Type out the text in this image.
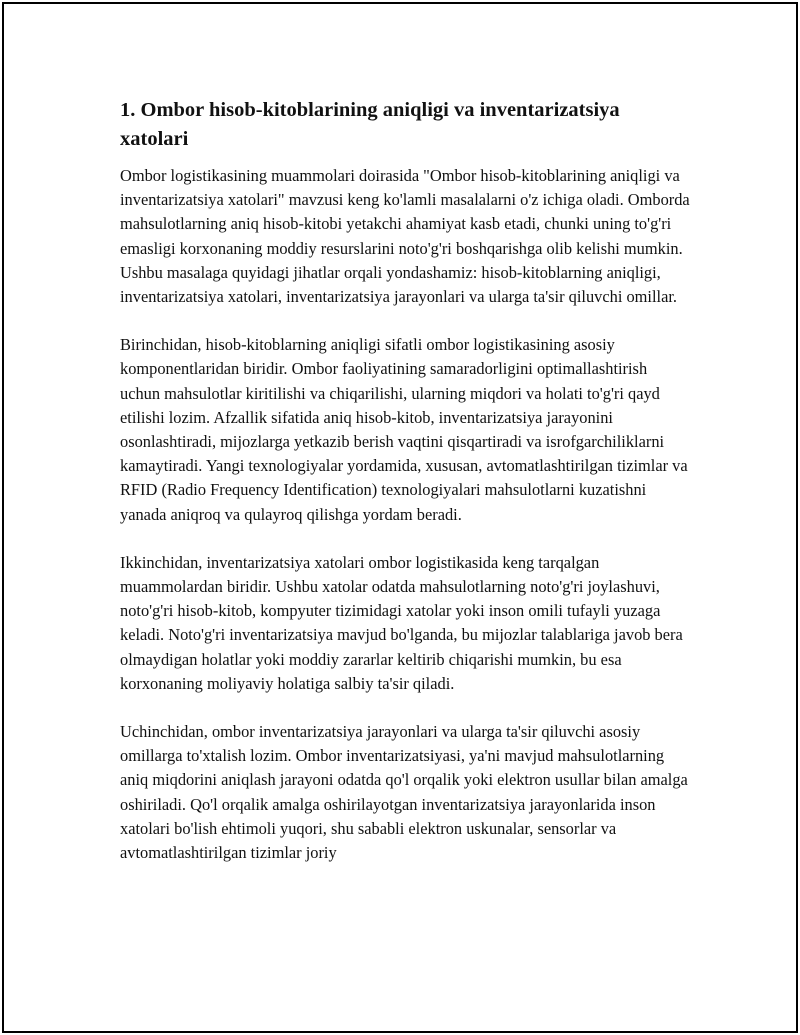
1. Ombor hisob-kitoblarining aniqligi va inventarizatsiya xatolari

Ombor logistikasining muammolari doirasida "Ombor hisob-kitoblarining aniqligi va inventarizatsiya xatolari" mavzusi keng ko'lamli masalalarni o'z ichiga oladi. Omborda mahsulotlarning aniq hisob-kitobi yetakchi ahamiyat kasb etadi, chunki uning to'g'ri emasligi korxonaning moddiy resurslarini noto'g'ri boshqarishga olib kelishi mumkin. Ushbu masalaga quyidagi jihatlar orqali yondashamiz: hisob-kitoblarning aniqligi, inventarizatsiya xatolari, inventarizatsiya jarayonlari va ularga ta'sir qiluvchi omillar.

Birinchidan, hisob-kitoblarning aniqligi sifatli ombor logistikasining asosiy komponentlaridan biridir. Ombor faoliyatining samaradorligini optimallashtirish uchun mahsulotlar kiritilishi va chiqarilishi, ularning miqdori va holati to'g'ri qayd etilishi lozim. Afzallik sifatida aniq hisob-kitob, inventarizatsiya jarayonini osonlashtiradi, mijozlarga yetkazib berish vaqtini qisqartiradi va isrofgarchiliklarni kamaytiradi. Yangi texnologiyalar yordamida, xususan, avtomatlashtirilgan tizimlar va RFID (Radio Frequency Identification) texnologiyalari mahsulotlarni kuzatishni yanada aniqroq va qulayroq qilishga yordam beradi.

Ikkinchidan, inventarizatsiya xatolari ombor logistikasida keng tarqalgan muammolardan biridir. Ushbu xatolar odatda mahsulotlarning noto'g'ri joylashuvi, noto'g'ri hisob-kitob, kompyuter tizimidagi xatolar yoki inson omili tufayli yuzaga keladi. Noto'g'ri inventarizatsiya mavjud bo'lganda, bu mijozlar talablariga javob bera olmaydigan holatlar yoki moddiy zararlar keltirib chiqarishi mumkin, bu esa korxonaning moliyaviy holatiga salbiy ta'sir qiladi.

Uchinchidan, ombor inventarizatsiya jarayonlari va ularga ta'sir qiluvchi asosiy omillarga to'xtalish lozim. Ombor inventarizatsiyasi, ya'ni mavjud mahsulotlarning aniq miqdorini aniqlash jarayoni odatda qo'l orqalik yoki elektron usullar bilan amalga oshiriladi. Qo'l orqalik amalga oshirilayotgan inventarizatsiya jarayonlarida inson xatolari bo'lish ehtimoli yuqori, shu sababli elektron uskunalar, sensorlar va avtomatlashtirilgan tizimlar joriy
